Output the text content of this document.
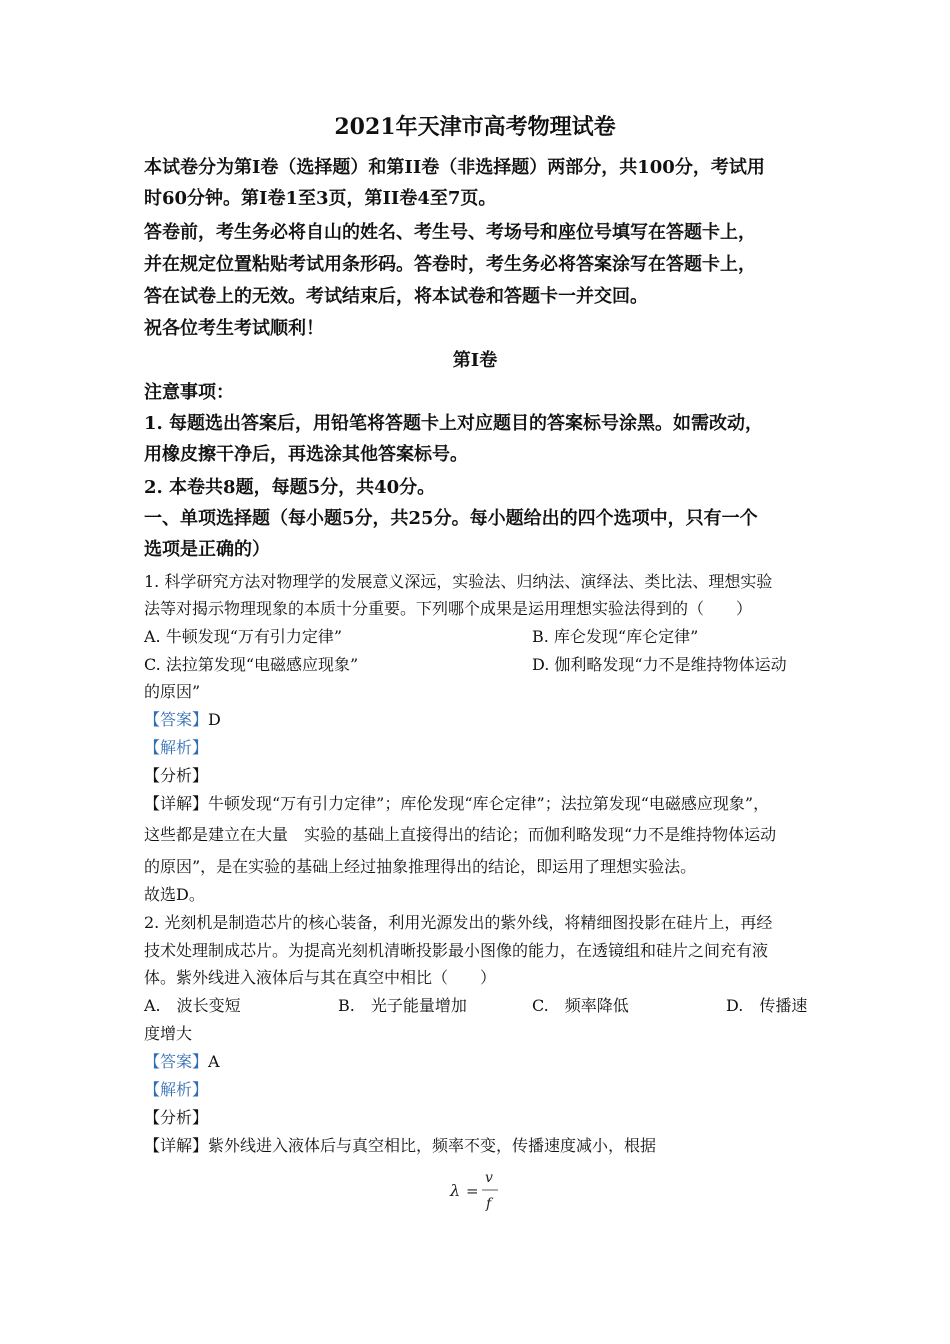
2021年天津市高考物理试卷
本试卷分为第I卷（选择题）和第II卷（非选择题）两部分，共100分，考试用
时60分钟。第I卷1至3页，第II卷4至7页。
答卷前，考生务必将自山的姓名、考生号、考场号和座位号填写在答题卡上，
并在规定位置粘贴考试用条形码。答卷时，考生务必将答案涂写在答题卡上，
答在试卷上的无效。考试结束后，将本试卷和答题卡一并交回。
祝各位考生考试顺利！
第I卷
注意事项：
1. 每题选出答案后，用铅笔将答题卡上对应题目的答案标号涂黑。如需改动，
用橡皮擦干净后，再选涂其他答案标号。
2. 本卷共8题，每题5分，共40分。
一、单项选择题（每小题5分，共25分。每小题给出的四个选项中，只有一个
选项是正确的）
1. 科学研究方法对物理学的发展意义深远，实验法、归纳法、演绎法、类比法、理想实验
法等对揭示物理现象的本质十分重要。下列哪个成果是运用理想实验法得到的（　　）
A. 牛顿发现“万有引力定律”	B. 库仑发现“库仑定律”
C. 法拉第发现“电磁感应现象”	D. 伽利略发现“力不是维持物体运动
的原因”
【答案】D
【解析】
【分析】
【详解】牛顿发现“万有引力定律”；库伦发现“库仑定律”；法拉第发现“电磁感应现象”，
这些都是建立在大量　实验的基础上直接得出的结论；而伽利略发现“力不是维持物体运动
的原因”，是在实验的基础上经过抽象推理得出的结论，即运用了理想实验法。
故选D。
2. 光刻机是制造芯片的核心装备，利用光源发出的紫外线，将精细图投影在硅片上，再经
技术处理制成芯片。为提高光刻机清晰投影最小图像的能力，在透镜组和硅片之间充有液
体。紫外线进入液体后与其在真空中相比（　　）
A.　波长变短	B.　光子能量增加	C.　频率降低	D.　传播速
度增大
【答案】A
【解析】
【分析】
【详解】紫外线进入液体后与真空相比，频率不变，传播速度减小，根据
λ =
v
f
